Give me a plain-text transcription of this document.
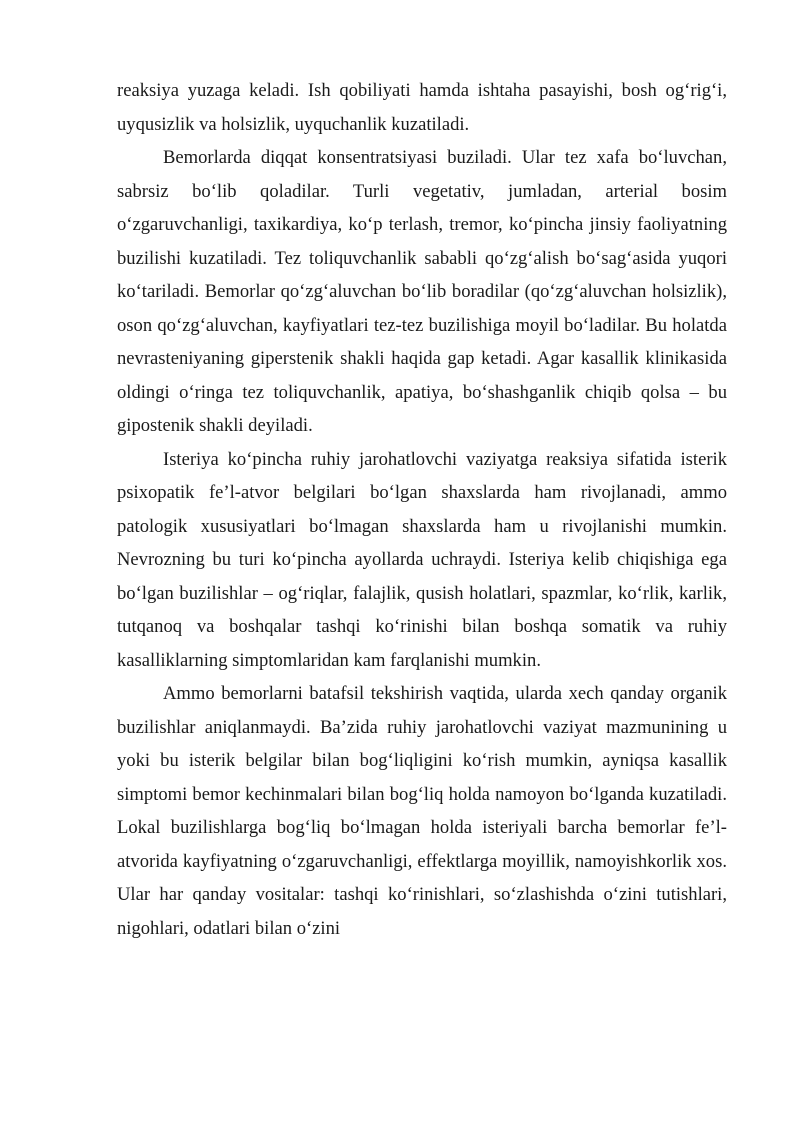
reaksiya yuzaga keladi. Ish qobiliyati hamda ishtaha pasayishi, bosh og‘rig‘i, uyqusizlik va holsizlik, uyquchanlik kuzatiladi.

Bemorlarda diqqat konsentratsiyasi buziladi. Ular tez xafa bo‘luvchan, sabrsiz bo‘lib qoladilar. Turli vegetativ, jumladan, arterial bosim o‘zgaruvchanligi, taxikardiya, ko‘p terlash, tremor, ko‘pincha jinsiy faoliyatning buzilishi kuzatiladi. Tez toliquvchanlik sababli qo‘zg‘alish bo‘sag‘asida yuqori ko‘tariladi. Bemorlar qo‘zg‘aluvchan bo‘lib boradilar (qo‘zg‘aluvchan holsizlik), oson qo‘zg‘aluvchan, kayfiyatlari tez-tez buzilishiga moyil bo‘ladilar. Bu holatda nevrasteniyaning giperstenik shakli haqida gap ketadi. Agar kasallik klinikasida oldingi o‘ringa tez toliquvchanlik, apatiya, bo‘shashganlik chiqib qolsa – bu gipostenik shakli deyiladi.

Isteriya ko‘pincha ruhiy jarohatlovchi vaziyatga reaksiya sifatida isterik psixopatik fe’l-atvor belgilari bo‘lgan shaxslarda ham rivojlanadi, ammo patologik xususiyatlari bo‘lmagan shaxslarda ham u rivojlanishi mumkin. Nevrozning bu turi ko‘pincha ayollarda uchraydi. Isteriya kelib chiqishiga ega bo‘lgan buzilishlar – og‘riqlar, falajlik, qusish holatlari, spazmlar, ko‘rlik, karlik, tutqanoq va boshqalar tashqi ko‘rinishi bilan boshqa somatik va ruhiy kasalliklarning simptomlaridan kam farqlanishi mumkin.

Ammo bemorlarni batafsil tekshirish vaqtida, ularda xech qanday organik buzilishlar aniqlanmaydi. Ba’zida ruhiy jarohatlovchi vaziyat mazmunining u yoki bu isterik belgilar bilan bog‘liqligini ko‘rish mumkin, ayniqsa kasallik simptomi bemor kechinmalari bilan bog‘liq holda namoyon bo‘lganda kuzatiladi. Lokal buzilishlarga bog‘liq bo‘lmagan holda isteriyali barcha bemorlar fe’l-atvorida kayfiyatning o‘zgaruvchanligi, effektlarga moyillik, namoyishkorlik xos. Ular har qanday vositalar: tashqi ko‘rinishlari, so‘zlashishda o‘zini tutishlari, nigohlari, odatlari bilan o‘zini
